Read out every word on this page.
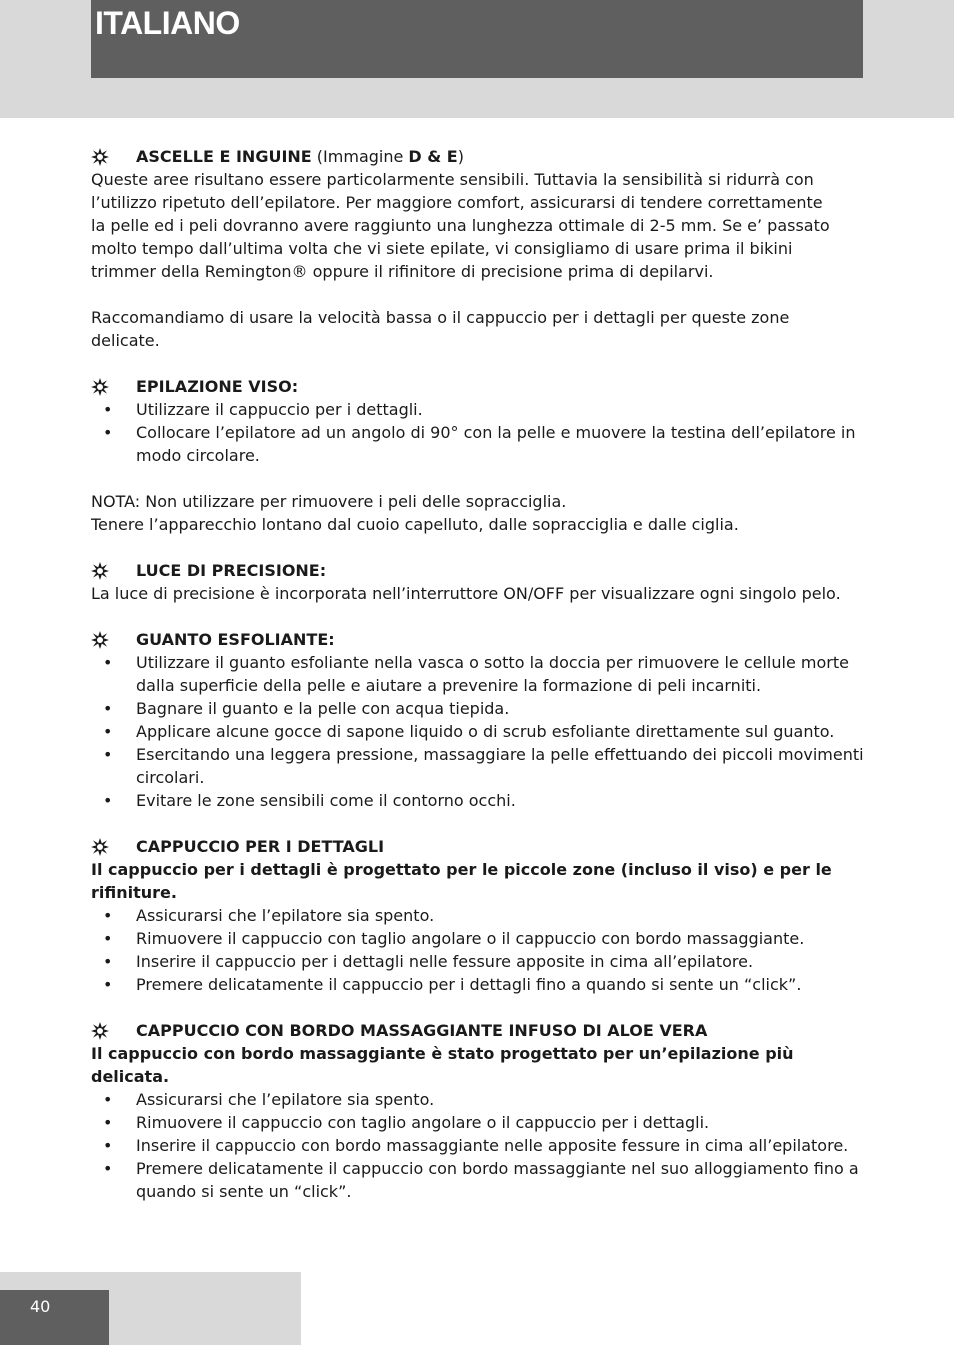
ITALIANO
ASCELLE E INGUINE (Immagine D & E)

Queste aree risultano essere particolarmente sensibili. Tuttavia la sensibilità si ridurrà con

l’utilizzo ripetuto dell’epilatore. Per maggiore comfort, assicurarsi di tendere correttamente

la pelle ed i peli dovranno avere raggiunto una lunghezza ottimale di 2-5 mm. Se e’ passato

molto tempo dall’ultima volta che vi siete epilate, vi consigliamo di usare prima il bikini

trimmer della Remington® oppure il rifinitore di precisione prima di depilarvi.

Raccomandiamo di usare la velocità bassa o il cappuccio per i dettagli per queste zone

delicate.

EPILAZIONE VISO:
• Utilizzare il cappuccio per i dettagli.
• Collocare l’epilatore ad un angolo di 90° con la pelle e muovere la testina dell’epilatore in modo circolare.

NOTA: Non utilizzare per rimuovere i peli delle sopracciglia.

Tenere l’apparecchio lontano dal cuoio capelluto, dalle sopracciglia e dalle ciglia.

LUCE DI PRECISIONE:

La luce di precisione è incorporata nell’interruttore ON/OFF per visualizzare ogni singolo pelo.

GUANTO ESFOLIANTE:
• Utilizzare il guanto esfoliante nella vasca o sotto la doccia per rimuovere le cellule morte dalla superficie della pelle e aiutare a prevenire la formazione di peli incarniti.
• Bagnare il guanto e la pelle con acqua tiepida.
• Applicare alcune gocce di sapone liquido o di scrub esfoliante direttamente sul guanto.
• Esercitando una leggera pressione, massaggiare la pelle effettuando dei piccoli movimenti circolari.
• Evitare le zone sensibili come il contorno occhi.
CAPPUCCIO PER I DETTAGLI

Il cappuccio per i dettagli è progettato per le piccole zone (incluso il viso) e per le rifiniture.

• Assicurarsi che l’epilatore sia spento.
• Rimuovere il cappuccio con taglio angolare o il cappuccio con bordo massaggiante.
• Inserire il cappuccio per i dettagli nelle fessure apposite in cima all’epilatore.
• Premere delicatamente il cappuccio per i dettagli fino a quando si sente un “click”.
CAPPUCCIO CON BORDO MASSAGGIANTE INFUSO DI ALOE VERA

Il cappuccio con bordo massaggiante è stato progettato per un’epilazione più delicata.

• Assicurarsi che l’epilatore sia spento.
• Rimuovere il cappuccio con taglio angolare o il cappuccio per i dettagli.
• Inserire il cappuccio con bordo massaggiante nelle apposite fessure in cima all’epilatore.
• Premere delicatamente il cappuccio con bordo massaggiante nel suo alloggiamento fino a quando si sente un “click”.
40
